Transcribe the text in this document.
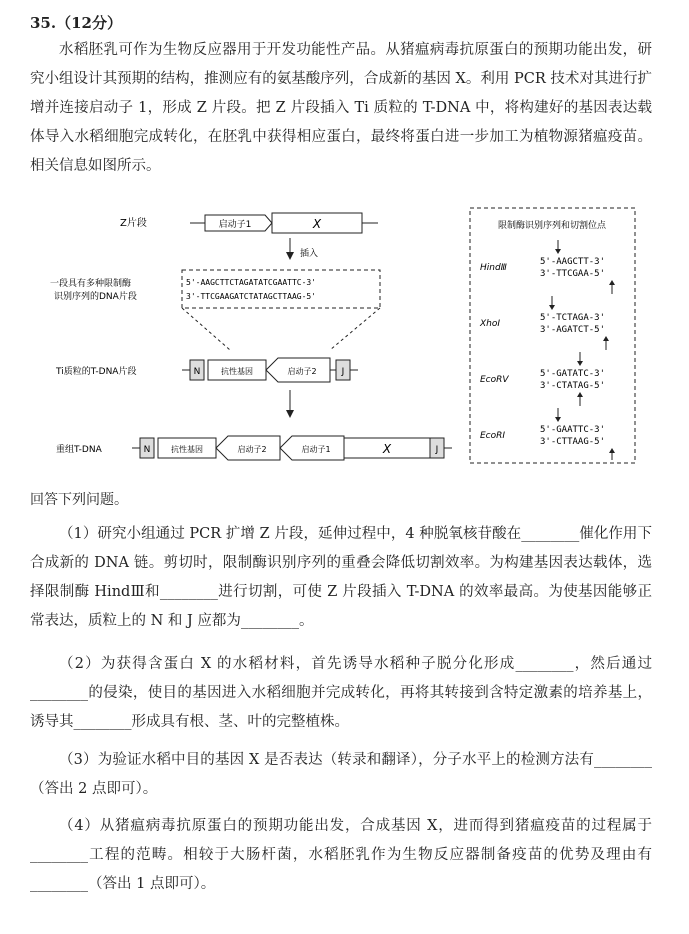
35.（12分）
水稻胚乳可作为生物反应器用于开发功能性产品。从猪瘟病毒抗原蛋白的预期功能出发，研究小组设计其预期的结构，推测应有的氨基酸序列，合成新的基因 X。利用 PCR 技术对其进行扩增并连接启动子 1，形成 Z 片段。把 Z 片段插入 Ti 质粒的 T-DNA 中，将构建好的基因表达载体导入水稻细胞完成转化，在胚乳中获得相应蛋白，最终将蛋白进一步加工为植物源猪瘟疫苗。相关信息如图所示。
Z片段	启动子1	X
插入
一段具有多种限制酶
识别序列的DNA片段
5'-AAGCTTCTAGATATCGAATTC-3'
3'-TTCGAAGATCTATAGCTTAAG-5'
Ti质粒的T-DNA片段	N	抗性基因	启动子2	J
重组T-DNA	N	抗性基因	启动子2	启动子1	X	J
限制酶识别序列和切割位点
HindⅢ
5'-AAGCTT-3'
3'-TTCGAA-5'
XhoⅠ
5'-TCTAGA-3'
3'-AGATCT-5'
EcoRⅤ
5'-GATATC-3'
3'-CTATAG-5'
EcoRⅠ
5'-GAATTC-3'
3'-CTTAAG-5'
回答下列问题。
（1）研究小组通过 PCR 扩增 Z 片段，延伸过程中，4 种脱氧核苷酸在________催化作用下合成新的 DNA 链。剪切时，限制酶识别序列的重叠会降低切割效率。为构建基因表达载体，选择限制酶 HindⅢ和________进行切割，可使 Z 片段插入 T-DNA 的效率最高。为使基因能够正常表达，质粒上的 N 和 J 应都为________。
（2）为获得含蛋白 X 的水稻材料，首先诱导水稻种子脱分化形成________，然后通过________的侵染，使目的基因进入水稻细胞并完成转化，再将其转接到含特定激素的培养基上，诱导其________形成具有根、茎、叶的完整植株。
（3）为验证水稻中目的基因 X 是否表达（转录和翻译），分子水平上的检测方法有________（答出 2 点即可）。
（4）从猪瘟病毒抗原蛋白的预期功能出发，合成基因 X，进而得到猪瘟疫苗的过程属于________工程的范畴。相较于大肠杆菌，水稻胚乳作为生物反应器制备疫苗的优势及理由有________（答出 1 点即可）。
